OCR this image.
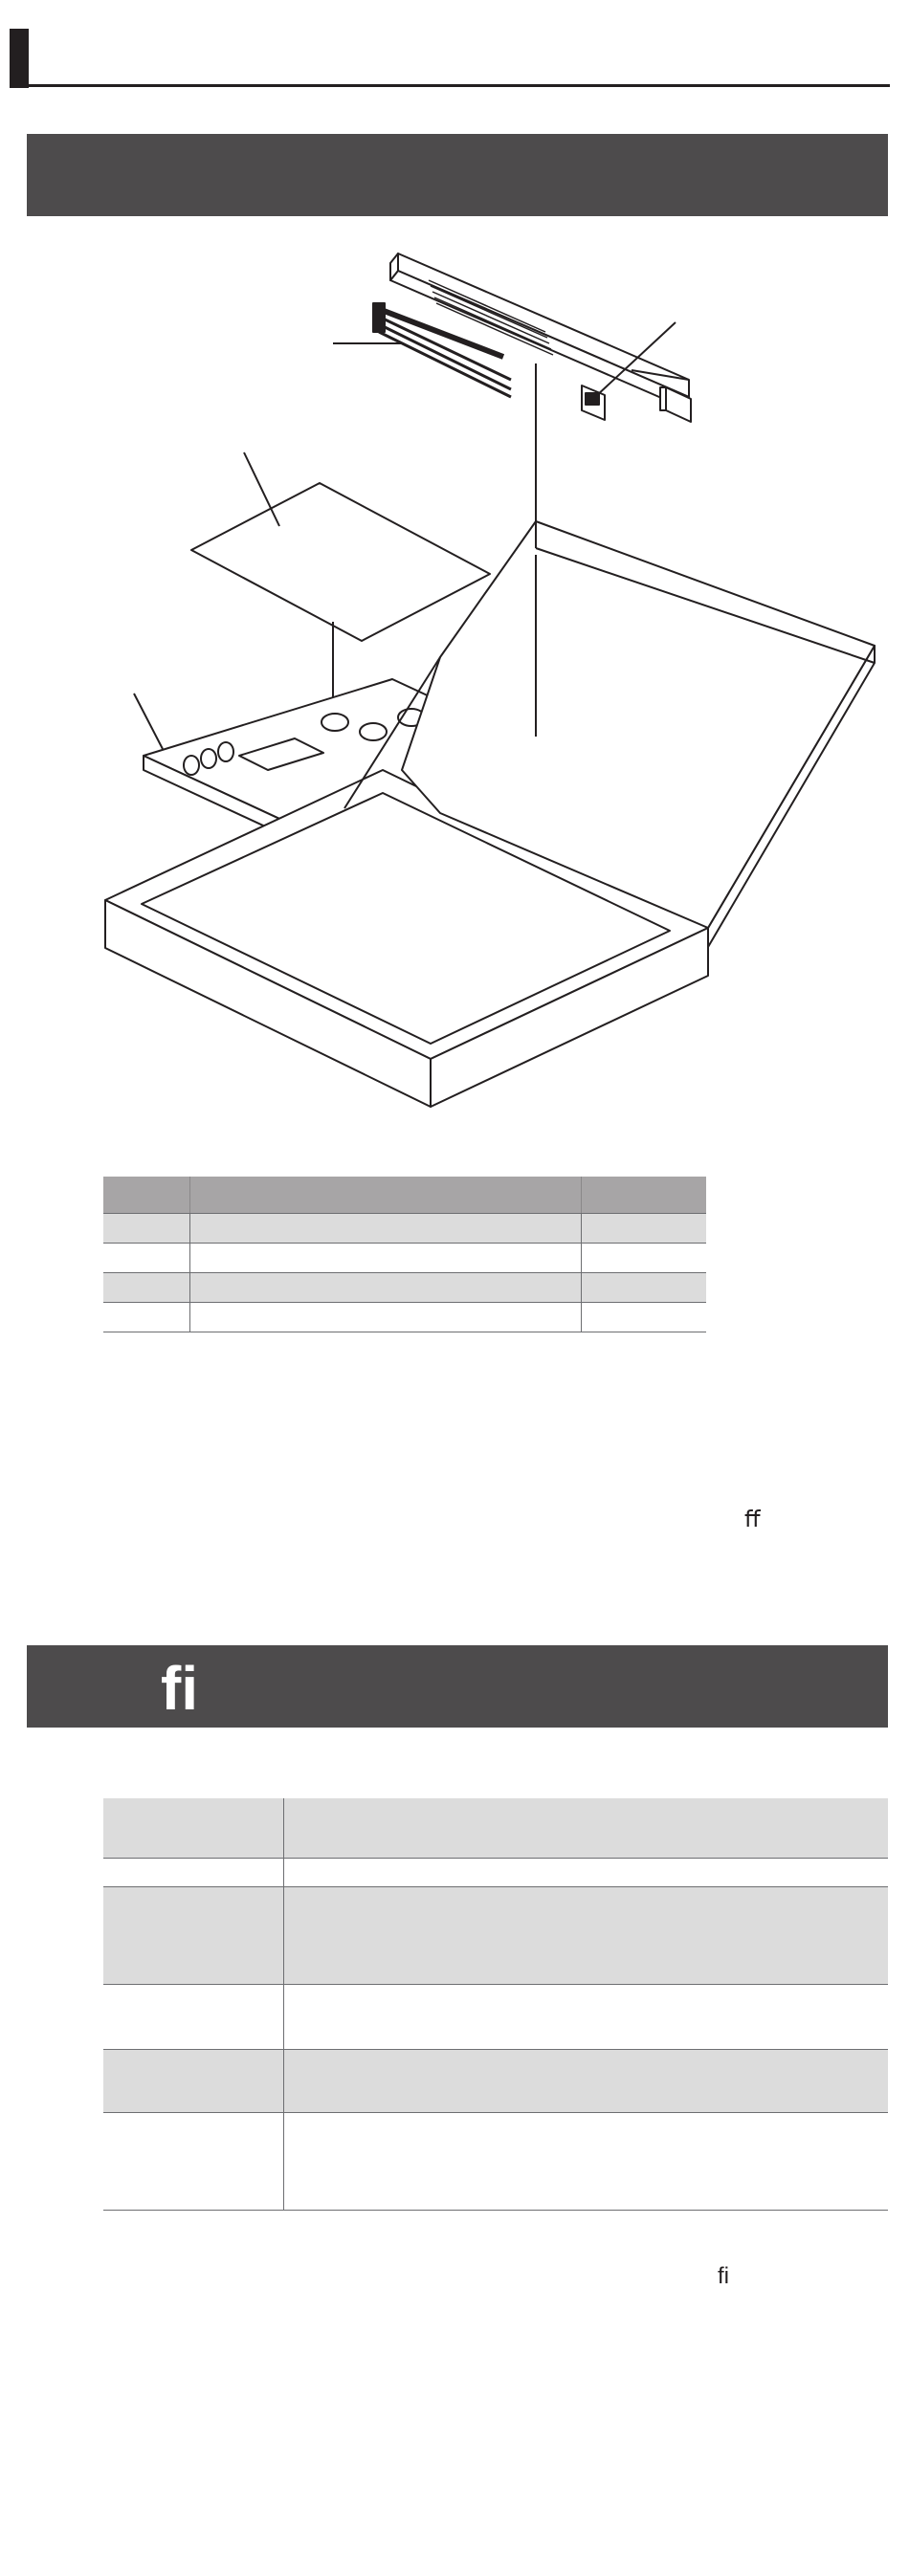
ﬀ
ﬁ

ﬁ
